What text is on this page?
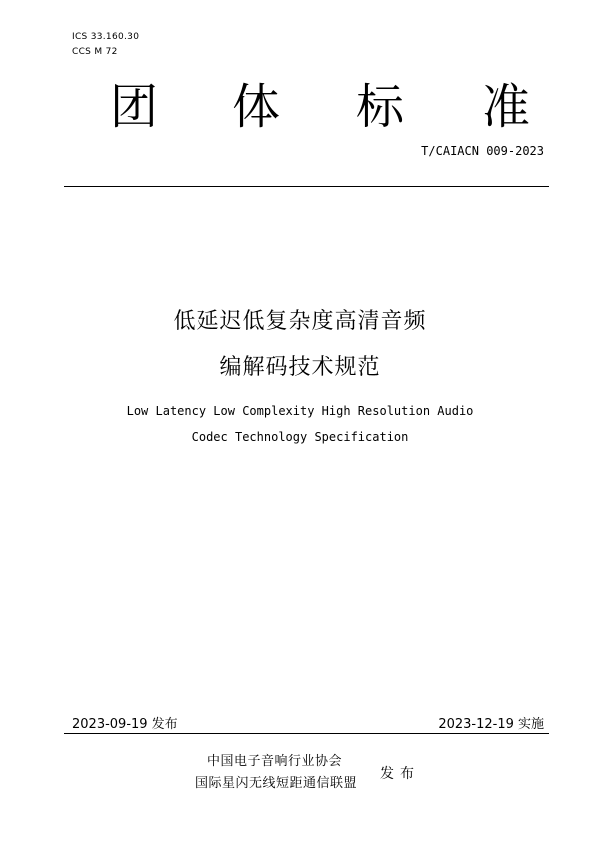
ICS 33.160.30
CCS M 72
团 体 标 准
T/CAIACN 009-2023
低延迟低复杂度高清音频
编解码技术规范
Low Latency Low Complexity High Resolution Audio
Codec Technology Specification
2023-09-19 发布	2023-12-19 实施
中国电子音响行业协会
国际星闪无线短距通信联盟
发布
